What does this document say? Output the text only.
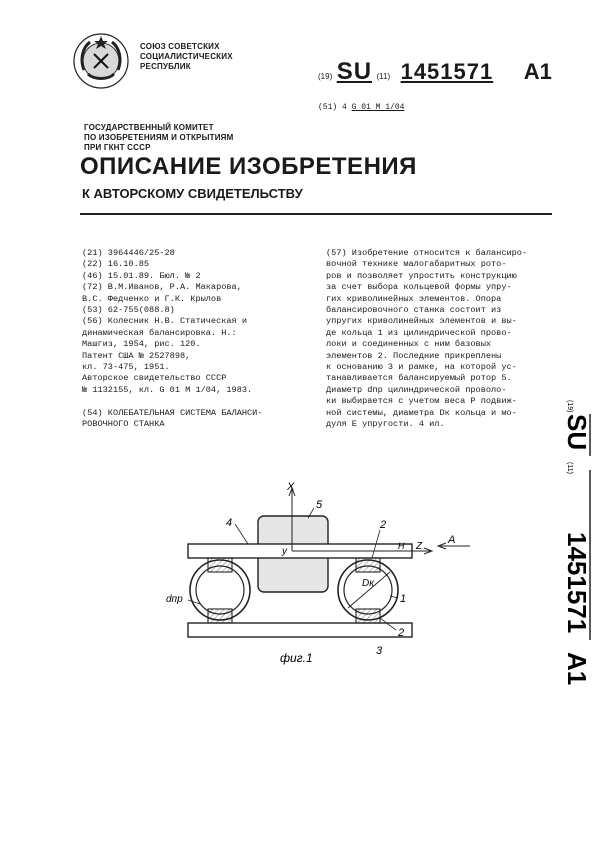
СОЮЗ СОВЕТСКИХ
СОЦИАЛИСТИЧЕСКИХ
РЕСПУБЛИК
(19) SU (11) 1451571 A1
(51) 4 G 01 M 1/04
ГОСУДАРСТВЕННЫЙ КОМИТЕТ
ПО ИЗОБРЕТЕНИЯМ И ОТКРЫТИЯМ
ПРИ ГКНТ СССР
ОПИСАНИЕ ИЗОБРЕТЕНИЯ
К АВТОРСКОМУ СВИДЕТЕЛЬСТВУ
(21) 3964446/25-28
(22) 16.10.85
(46) 15.01.89. Бюл. № 2
(72) В.М.Иванов, Р.А. Макарова,
В.С. Федченко и Г.К. Крылов
(53) 62-755(088.8)
(56) Колесник Н.В. Статическая и
динамическая балансировка. Н.:
Машгиз, 1954, рис. 120.
Патент США № 2527898,
кл. 73-475, 1951.
Авторское свидетельство СССР
№ 1132155, кл. G 01 M 1/04, 1983.
(54) КОЛЕБАТЕЛЬНАЯ СИСТЕМА БАЛАНСИ-
РОВОЧНОГО СТАНКА
(57) Изобретение относится к балансиро-
вочной технике малогабаритных рото-
ров и позволяет упростить конструкцию
за счет выбора кольцевой формы упру-
гих криволинейных элементов. Опора
балансировочного станка состоит из
упругих криволинейных элементов и вы-
де кольца 1 из цилиндрической прово-
локи и соединенных с ним базовых
элементов 2. Последние прикреплены
к основанию 3 и рамке, на которой ус-
танавливается балансируемый ротор 5.
Диаметр dпр цилиндрической проволо-
ки выбирается с учетом веса P подвиж-
ной системы, диаметра Dк кольца и мо-
дуля E упругости. 4 ил.
(19)
SU
(11)
1451571
A1
X
y	Z
H	A
5
4	2
1
2
3
Dк
dпр
фиг.1
